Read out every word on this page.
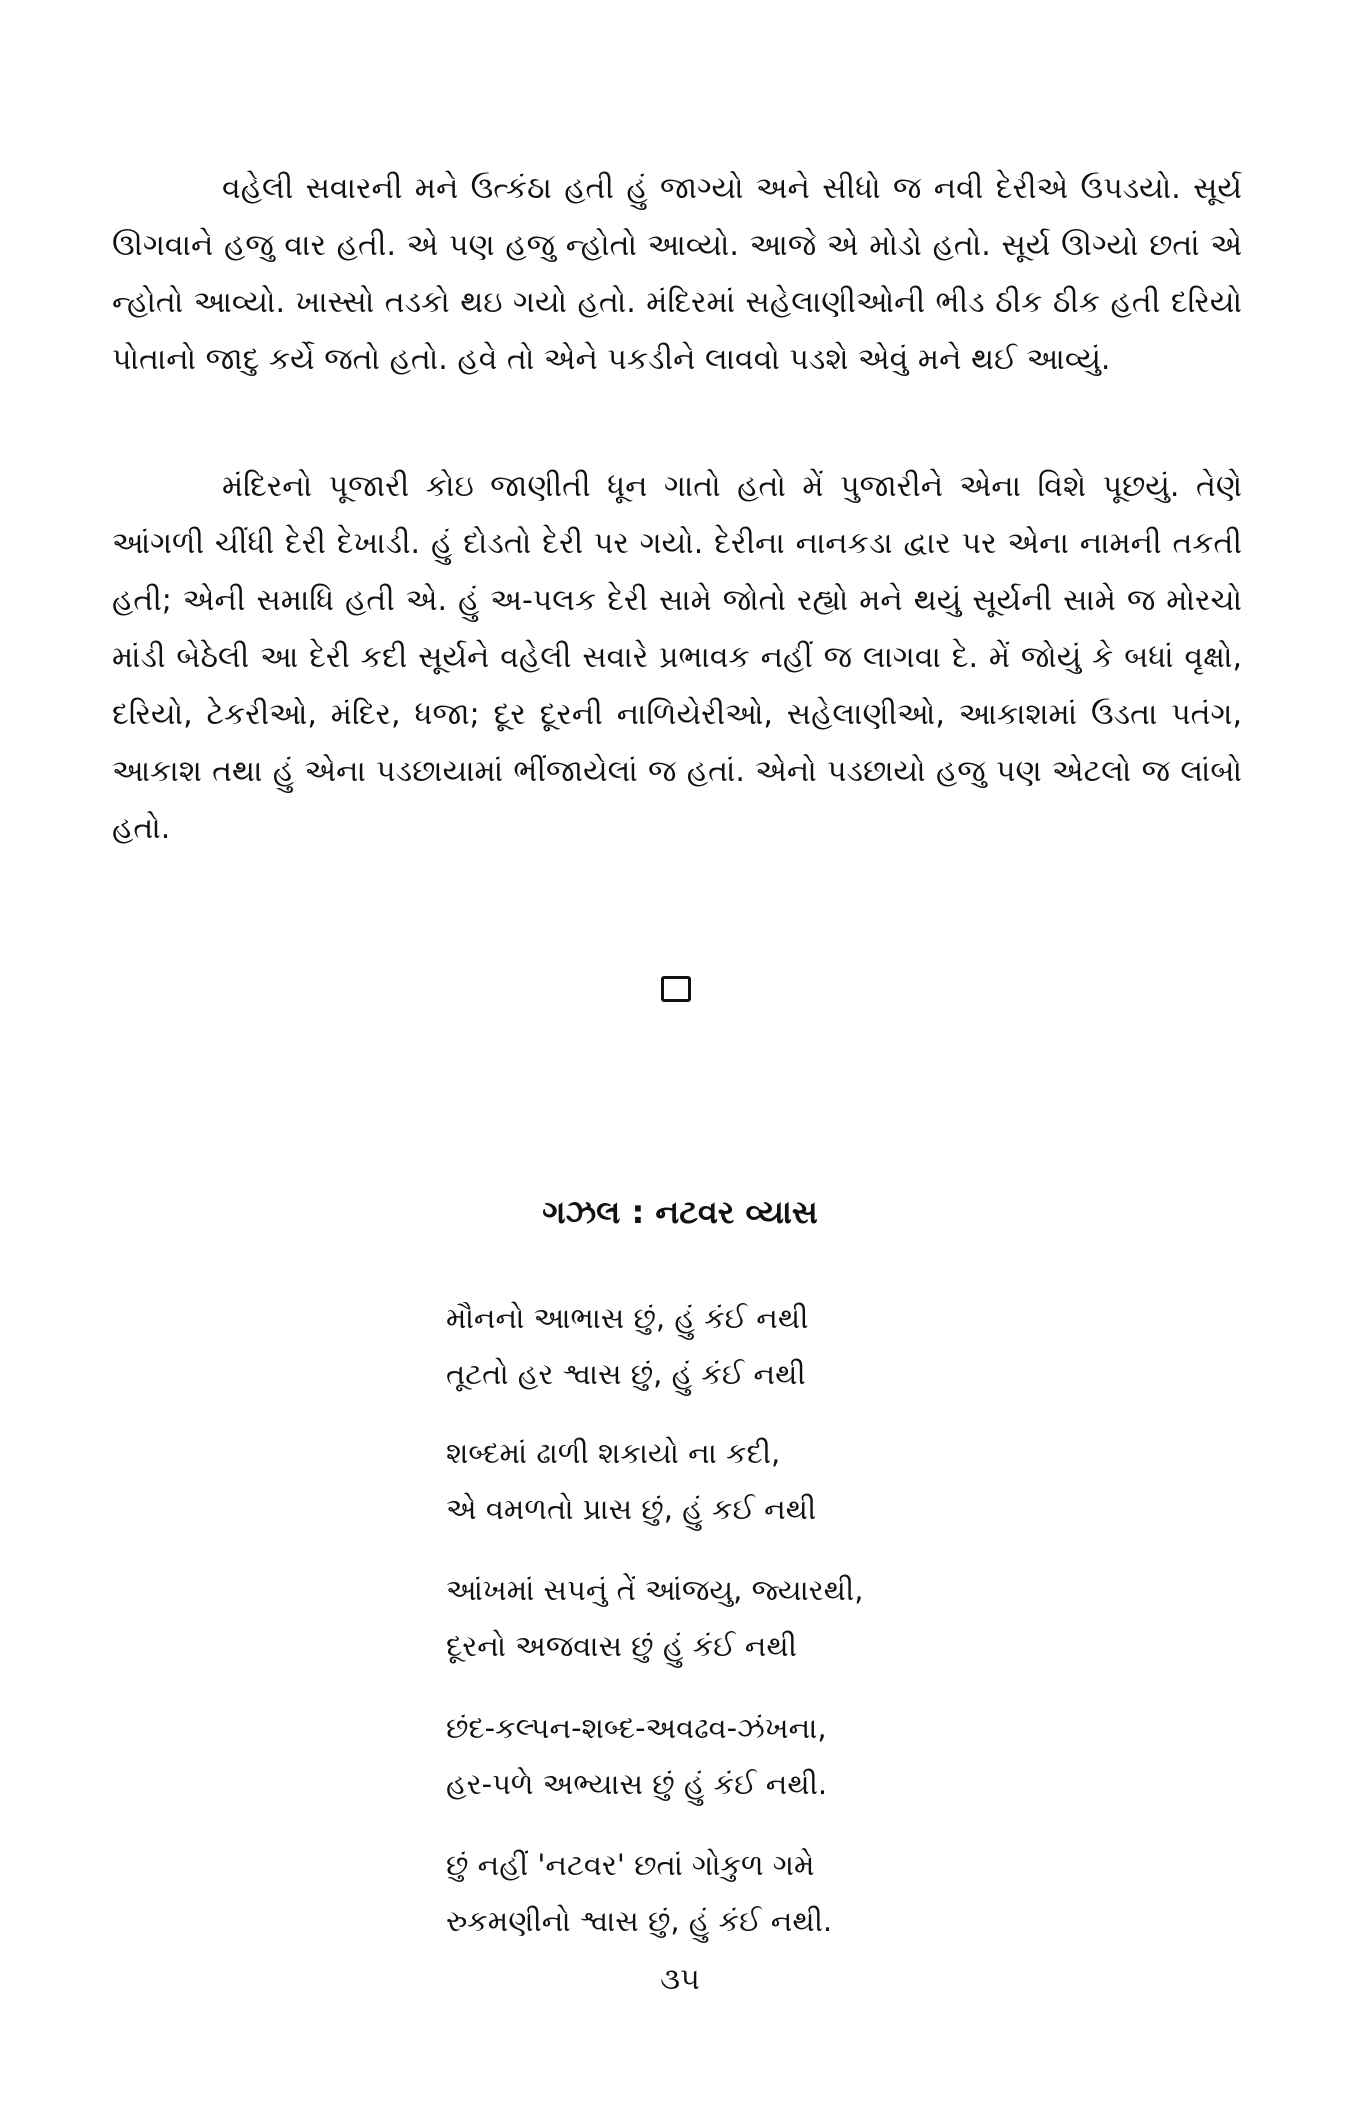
વહેલી સવારની મને ઉત્કંઠા હતી હું જાગ્યો અને સીધો જ નવી દેરીએ ઉપડયો. સૂર્ય ઊગવાને હજુ વાર હતી. એ પણ હજુ ન્હોતો આવ્યો. આજે એ મોડો હતો. સૂર્ય ઊગ્યો છતાં એ ન્હોતો આવ્યો. ખાસ્સો તડકો થઇ ગયો હતો. મંદિરમાં સહેલાણીઓની ભીડ ઠીક ઠીક હતી દરિયો પોતાનો જાદુ કર્યે જતો હતો. હવે તો એને પકડીને લાવવો પડશે એવું મને થઈ આવ્યું.

મંદિરનો પૂજારી કોઇ જાણીતી ધૂન ગાતો હતો મેં પુજારીને એના વિશે પૂછયું. તેણે આંગળી ચીંધી દેરી દેખાડી. હું દોડતો દેરી પર ગયો. દેરીના નાનકડા દ્વાર પર એના નામની તકતી હતી; એની સમાધિ હતી એ. હું અ-પલક દેરી સામે જોતો રહ્યો મને થયું સૂર્યની સામે જ મોરચો માંડી બેઠેલી આ દેરી કદી સૂર્યને વહેલી સવારે પ્રભાવક નહીં જ લાગવા દે. મેં જોયું કે બધાં વૃક્ષો, દરિયો, ટેકરીઓ, મંદિર, ધજા; દૂર દૂરની નાળિયેરીઓ, સહેલાણીઓ, આકાશમાં ઉડતા પતંગ, આકાશ તથા હું એના પડછાયામાં ભીંજાયેલાં જ હતાં. એનો પડછાયો હજુ પણ એટલો જ લાંબો હતો.

ગઝલ : નટવર વ્યાસ
મૌનનો આભાસ છું, હું કંઈ નથી
તૂટતો હર શ્વાસ છું, હું કંઈ નથી
શબ્દમાં ઢાળી શકાયો ના કદી,
એ વમળતો પ્રાસ છું, હું કઈ નથી
આંખમાં સપનું તેં આંજયુ, જ્યારથી,
દૂરનો અજવાસ છું હું કંઈ નથી
છંદ-કલ્પન-શબ્દ-અવઢવ-ઝંખના,
હર-પળે અભ્યાસ છું હું કંઈ નથી.
છું નહીં 'નટવર' છતાં ગોકુળ ગમે
રુકમણીનો શ્વાસ છું, હું કંઈ નથી.

૩૫
